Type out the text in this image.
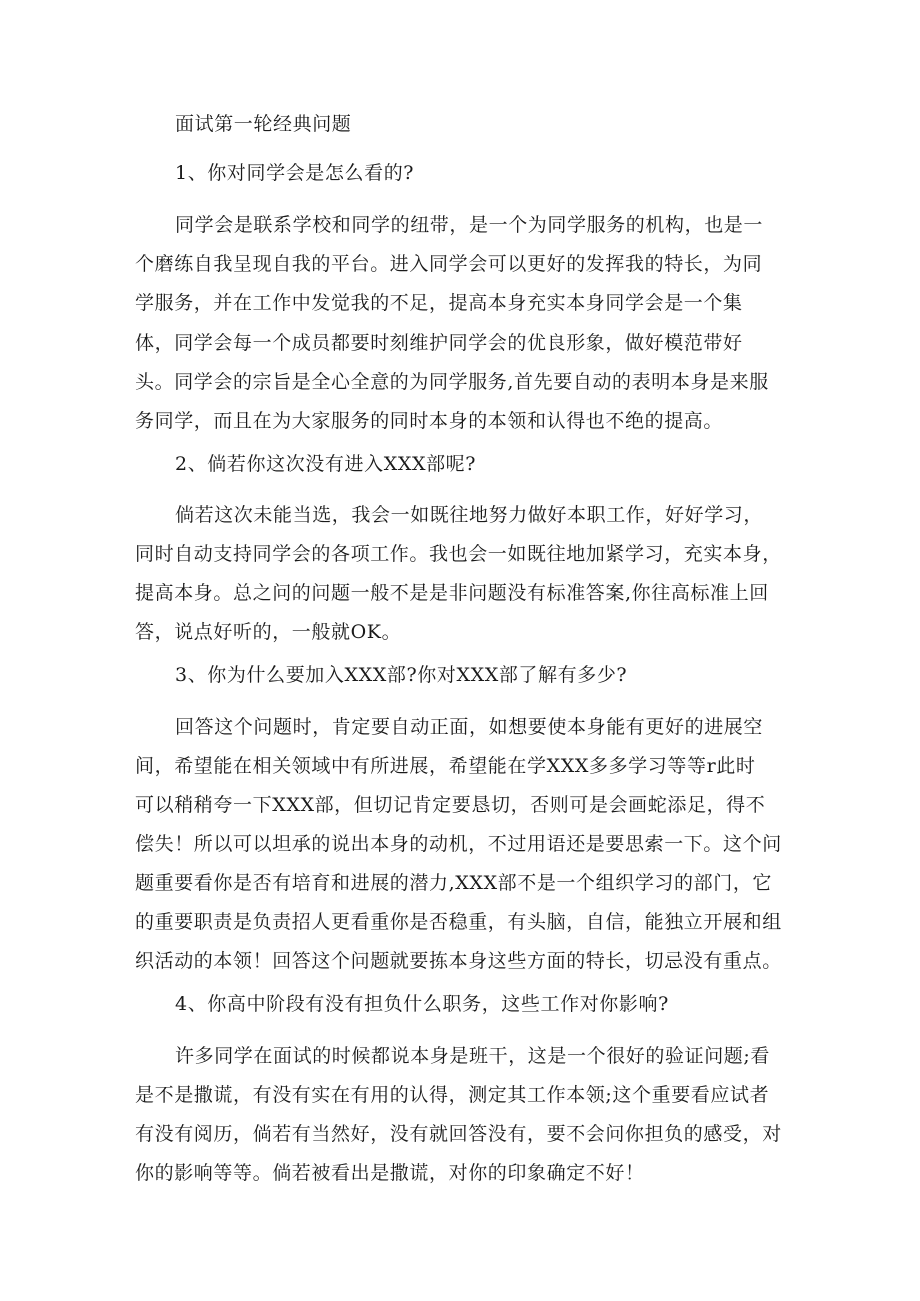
面试第一轮经典问题
1、你对同学会是怎么看的?
同学会是联系学校和同学的纽带，是一个为同学服务的机构，也是一
个磨练自我呈现自我的平台。进入同学会可以更好的发挥我的特长，为同
学服务，并在工作中发觉我的不足，提高本身充实本身同学会是一个集
体，同学会每一个成员都要时刻维护同学会的优良形象，做好模范带好
头。同学会的宗旨是全心全意的为同学服务,首先要自动的表明本身是来服
务同学，而且在为大家服务的同时本身的本领和认得也不绝的提高。
2、倘若你这次没有进入XXX部呢?
倘若这次未能当选，我会一如既往地努力做好本职工作，好好学习，
同时自动支持同学会的各项工作。我也会一如既往地加紧学习，充实本身，
提高本身。总之问的问题一般不是是非问题没有标准答案,你往高标准上回
答，说点好听的，一般就OK。
3、你为什么要加入XXX部?你对XXX部了解有多少?
回答这个问题时，肯定要自动正面，如想要使本身能有更好的进展空
间，希望能在相关领域中有所进展，希望能在学XXX多多学习等等r此时
可以稍稍夸一下XXX部，但切记肯定要恳切，否则可是会画蛇添足，得不
偿失！所以可以坦承的说出本身的动机，不过用语还是要思索一下。这个问
题重要看你是否有培育和进展的潜力,XXX部不是一个组织学习的部门，它
的重要职责是负责招人更看重你是否稳重，有头脑，自信，能独立开展和组
织活动的本领！回答这个问题就要拣本身这些方面的特长，切忌没有重点。
4、你高中阶段有没有担负什么职务，这些工作对你影响?
许多同学在面试的时候都说本身是班干，这是一个很好的验证问题;看
是不是撒谎，有没有实在有用的认得，测定其工作本领;这个重要看应试者
有没有阅历，倘若有当然好，没有就回答没有，要不会问你担负的感受，对
你的影响等等。倘若被看出是撒谎，对你的印象确定不好！
